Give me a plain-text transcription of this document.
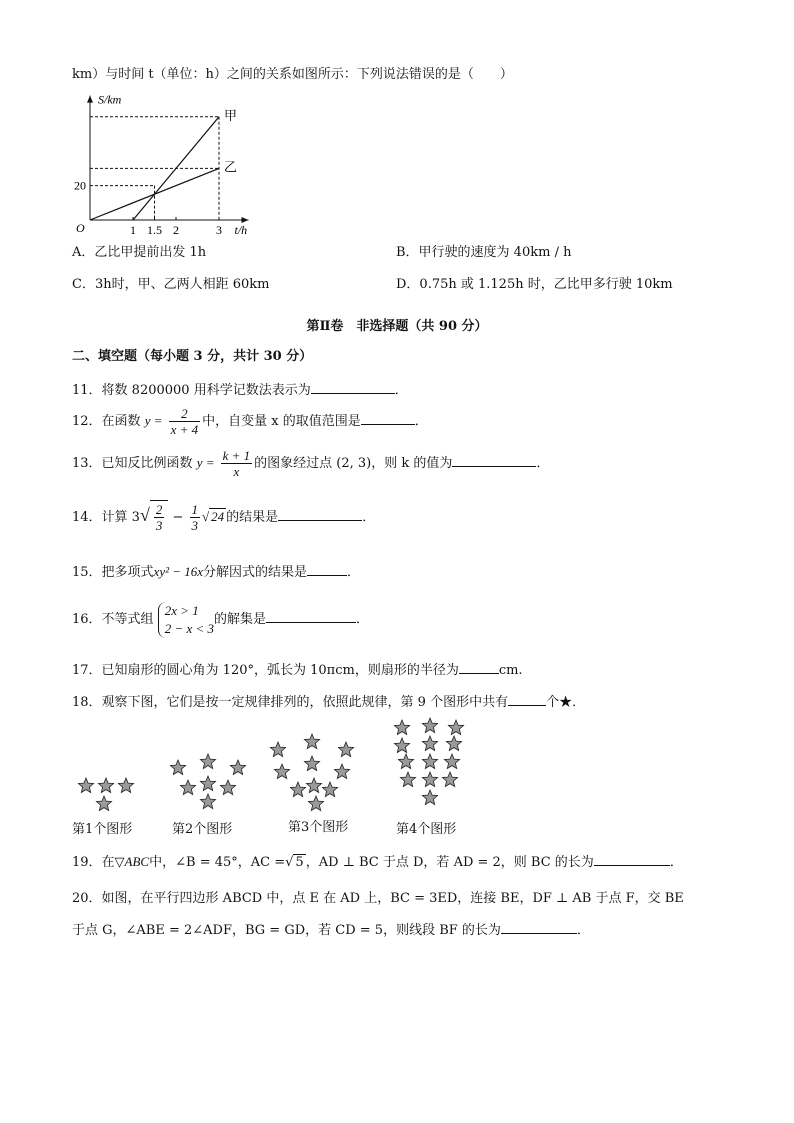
km）与时间 t（单位：h）之间的关系如图所示：下列说法错误的是（　　）
S/km
t/h
O	1 1.5 2	3
20
甲
乙
A．乙比甲提前出发 1h	B．甲行驶的速度为 40km / h
C．3h时，甲、乙两人相距 60km	D．0.75h 或 1.125h 时，乙比甲多行驶 10km
第Ⅱ卷　非选择题（共 90 分）
二、填空题（每小题 3 分，共计 30 分）
11．将数 8200000 用科学记数法表示为	．
12．在函数 $y = \frac{2}{x + 4}$ 中，自变量 x 的取值范围是	．
13．已知反比例函数 $y = \frac{k + 1}{x}$ 的图象经过点 (2, 3)，则 k 的值为	．
14．计算 $3√ \frac{2}{3} - \frac{1}{3}$ √ 24 的结果是	．
15．把多项式xy² − 16x分解因式的结果是	．
16．不等式组
2x > 1
2 − x < 3
的解集是	．
17．已知扇形的圆心角为 120°，弧长为 10πcm，则扇形的半径为	cm.
18．观察下图，它们是按一定规律排列的，依照此规律，第 9 个图形中共有	个★．
第1个图形	第2个图形	第3个图形	第4个图形
19．在▽ABC中，∠B = 45°，AC =√ 5 ，AD ⊥ BC 于点 D，若 AD = 2，则 BC 的长为	．
20．如图，在平行四边形 ABCD 中，点 E 在 AD 上，BC = 3ED，连接 BE，DF ⊥ AB 于点 F，交 BE
于点 G，∠ABE = 2∠ADF，BG = GD，若 CD = 5，则线段 BF 的长为	．
